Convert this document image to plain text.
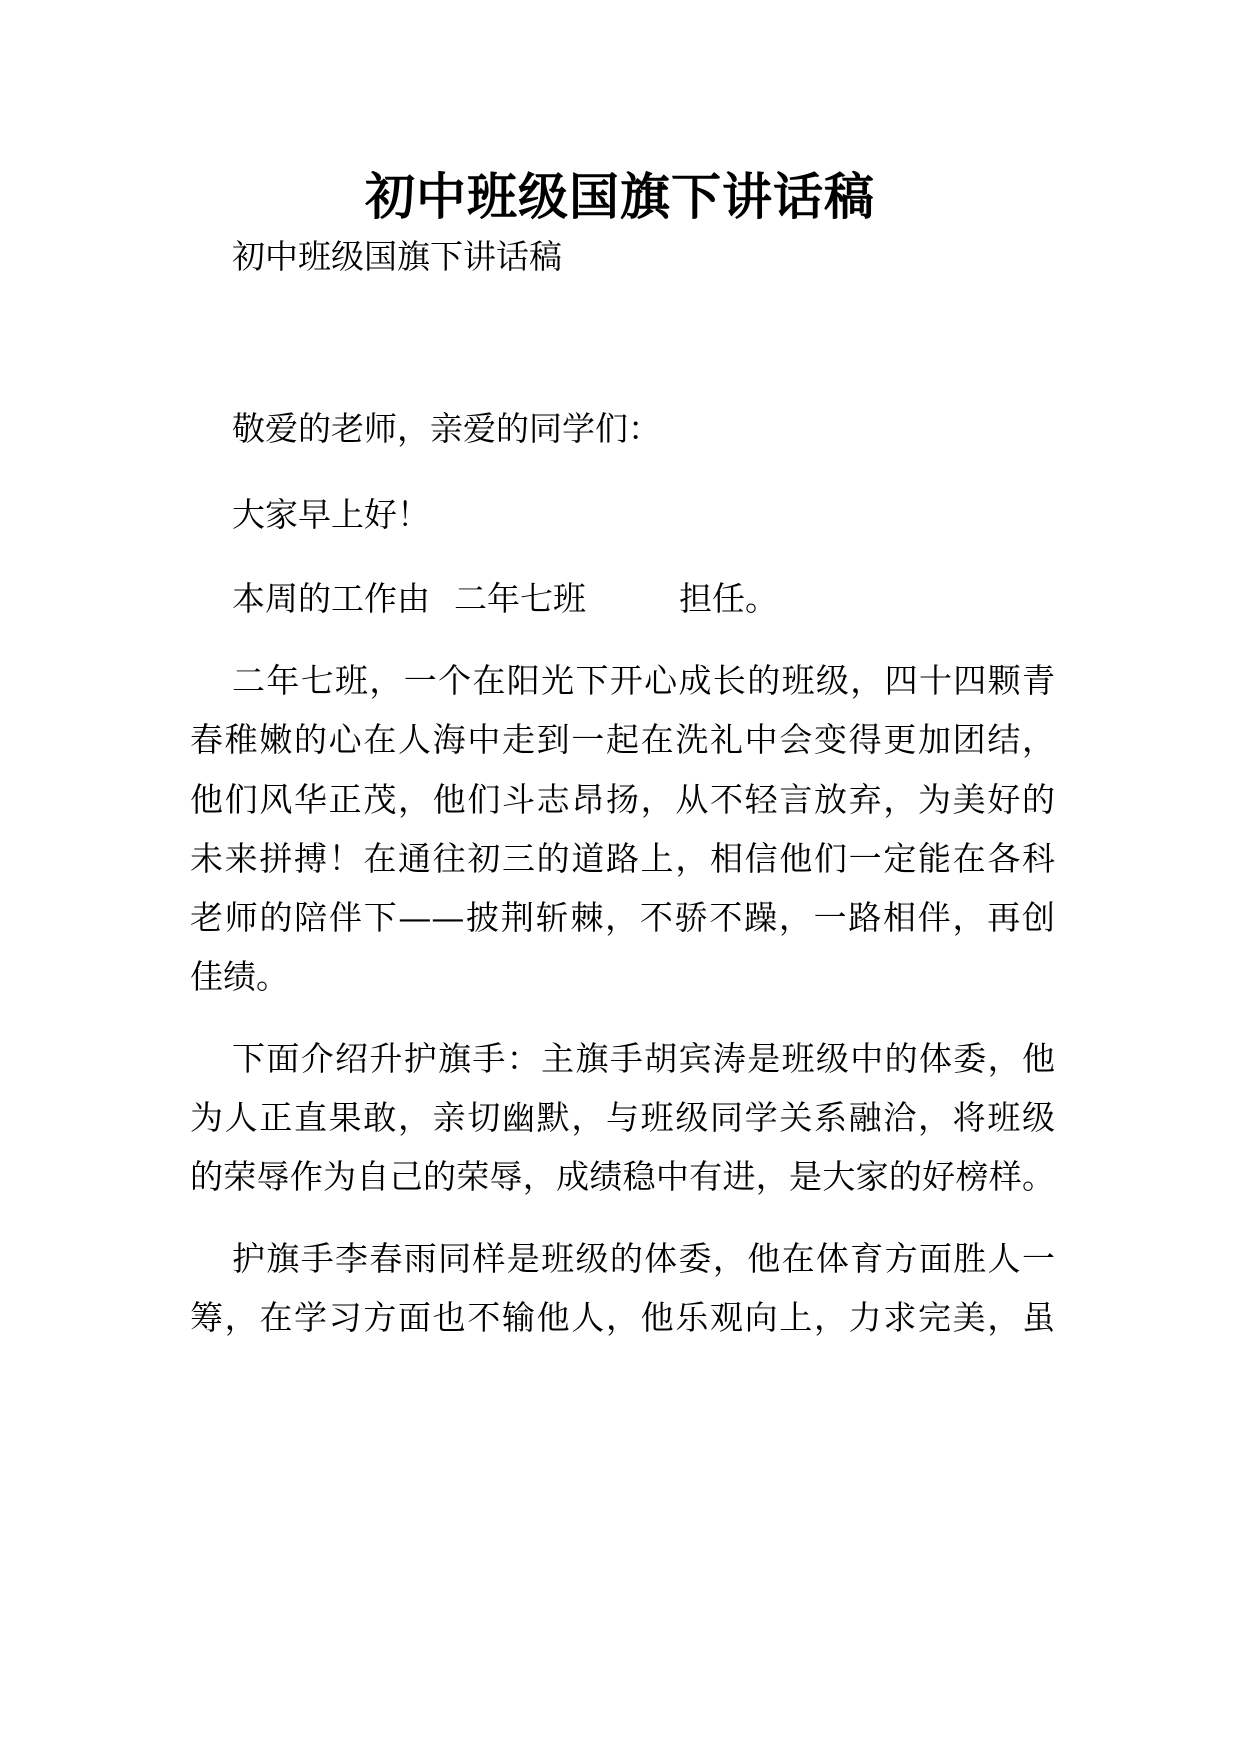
初中班级国旗下讲话稿
初中班级国旗下讲话稿
敬爱的老师，亲爱的同学们：
大家早上好！
本周的工作由 二年七班	担任。
二年七班，一个在阳光下开心成长的班级，四十四颗青
春稚嫩的心在人海中走到一起在洗礼中会变得更加团结，
他们风华正茂，他们斗志昂扬，从不轻言放弃，为美好的
未来拼搏！在通往初三的道路上，相信他们一定能在各科
老师的陪伴下——披荆斩棘，不骄不躁，一路相伴，再创
佳绩。
下面介绍升护旗手：主旗手胡宾涛是班级中的体委，他
为人正直果敢，亲切幽默，与班级同学关系融洽，将班级
的荣辱作为自己的荣辱，成绩稳中有进，是大家的好榜样。
护旗手李春雨同样是班级的体委，他在体育方面胜人一
筹，在学习方面也不输他人，他乐观向上，力求完美，虽
